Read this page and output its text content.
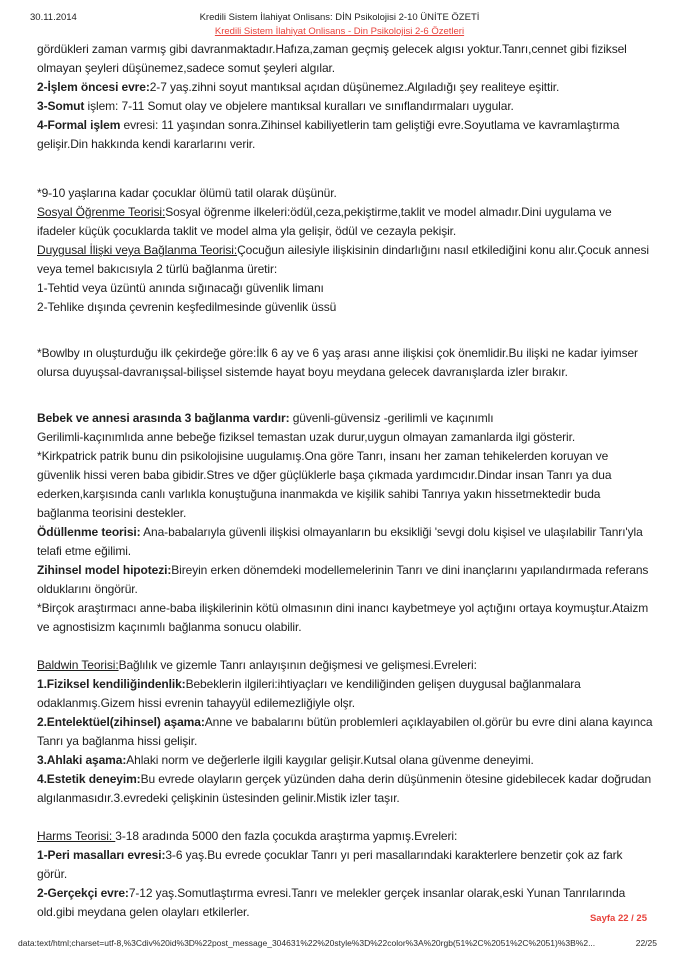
30.11.2014	Kredili Sistem İlahiyat Onlisans: DİN Psikolojisi 2-10 ÜNİTE ÖZETİ
Kredili Sistem İlahiyat Onlisans - Din Psikolojisi 2-6 Özetleri
gördükleri zaman varmış gibi davranmaktadır.Hafıza,zaman geçmiş gelecek algısı yoktur.Tanrı,cennet gibi fiziksel olmayan şeyleri düşünemez,sadece somut şeyleri algılar.
2-İşlem öncesi evre:2-7 yaş.zihni soyut mantıksal açıdan düşünemez.Algıladığı şey realiteye eşittir.
3-Somut işlem: 7-11 Somut olay ve objelere mantıksal kuralları ve sınıflandırmaları uygular.
4-Formal işlem evresi: 11 yaşından sonra.Zihinsel kabiliyetlerin tam geliştiği evre.Soyutlama ve kavramlaştırma gelişir.Din hakkında kendi kararlarını verir.
*9-10 yaşlarına kadar çocuklar ölümü tatil olarak düşünür.
Sosyal Öğrenme Teorisi:Sosyal öğrenme ilkeleri:ödül,ceza,pekiştirme,taklit ve model almadır.Dini uygulama ve ifadeler küçük çocuklarda taklit ve model alma yla gelişir, ödül ve cezayla pekişir.
Duygusal İlişki veya Bağlanma Teorisi:Çocuğun ailesiyle ilişkisinin dindarlığını nasıl etkilediğini konu alır.Çocuk annesi veya temel bakıcısıyla 2 türlü bağlanma üretir:
1-Tehtid veya üzüntü anında sığınacağı güvenlik limanı
2-Tehlike dışında çevrenin keşfedilmesinde güvenlik üssü
*Bowlby ın oluşturduğu ilk çekirdeğe göre:İlk 6 ay ve 6 yaş arası anne ilişkisi çok önemlidir.Bu ilişki ne kadar iyimser olursa duyuşsal-davranışsal-bilişsel sistemde hayat boyu meydana gelecek davranışlarda izler bırakır.
Bebek ve annesi arasında 3 bağlanma vardır: güvenli-güvensiz -gerilimli ve kaçınımlı
Gerilimli-kaçınımlıda anne bebeğe fiziksel temastan uzak durur,uygun olmayan zamanlarda ilgi gösterir.
*Kirkpatrick patrik bunu din psikolojisine uugulamış.Ona göre Tanrı, insanı her zaman tehikelerden koruyan ve güvenlik hissi veren baba gibidir.Stres ve dğer güçlüklerle başa çıkmada yardımcıdır.Dindar insan Tanrı ya dua ederken,karşısında canlı varlıkla konuştuğuna inanmakda ve kişilik sahibi Tanrıya yakın hissetmektedir buda bağlanma teorisini destekler.
Ödüllenme teorisi: Ana-babalarıyla güvenli ilişkisi olmayanların bu eksikliği 'sevgi dolu kişisel ve ulaşılabilir Tanrı'yla telafi etme eğilimi.
Zihinsel model hipotezi:Bireyin erken dönemdeki modellemelerinin Tanrı ve dini inançlarını yapılandırmada referans olduklarını öngörür.
*Birçok araştırmacı anne-baba ilişkilerinin kötü olmasının dini inancı kaybetmeye yol açtığını ortaya koymuştur.Ataizm ve agnostisizm kaçınımlı bağlanma sonucu olabilir.
Baldwin Teorisi:Bağlılık ve gizemle Tanrı anlayışının değişmesi ve gelişmesi.Evreleri:
1.Fiziksel kendiliğindenlik:Bebeklerin ilgileri:ihtiyaçları ve kendiliğinden gelişen duygusal bağlanmalara odaklanmış.Gizem hissi evrenin tahayyül edilemezliğiyle olşr.
2.Entelektüel(zihinsel) aşama:Anne ve babalarını bütün problemleri açıklayabilen ol.görür bu evre dini alana kayınca Tanrı ya bağlanma hissi gelişir.
3.Ahlaki aşama:Ahlaki norm ve değerlerle ilgili kaygılar gelişir.Kutsal olana güvenme deneyimi.
4.Estetik deneyim:Bu evrede olayların gerçek yüzünden daha derin düşünmenin ötesine gidebilecek kadar doğrudan algılanmasıdır.3.evredeki çelişkinin üstesinden gelinir.Mistik izler taşır.
Harms Teorisi: 3-18 aradında 5000 den fazla çocukda araştırma yapmış.Evreleri:
1-Peri masalları evresi:3-6 yaş.Bu evrede çocuklar Tanrı yı peri masallarındaki karakterlere benzetir çok az fark görür.
2-Gerçekçi evre:7-12 yaş.Somutlaştırma evresi.Tanrı ve melekler gerçek insanlar olarak,eski Yunan Tanrılarında old.gibi meydana gelen olayları etkilerler.	Sayfa 22 / 25
data:text/html;charset=utf-8,%3Cdiv%20id%3D%22post_message_304631%22%20style%3D%22color%3A%20rgb(51%2C%2051%2C%2051)%3B%2...	22/25
